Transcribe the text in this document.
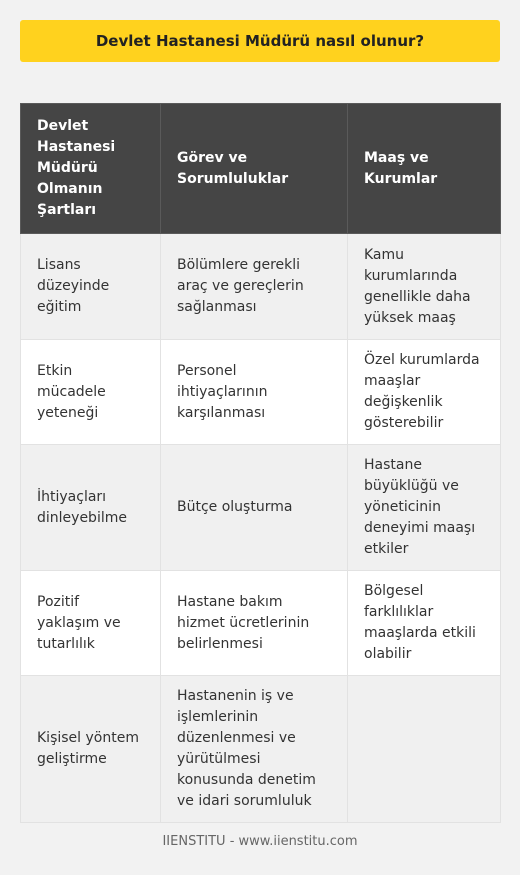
Devlet Hastanesi Müdürü nasıl olunur?
Devlet Hastanesi Müdürü Olmanın Şartları	Görev ve Sorumluluklar	Maaş ve Kurumlar
Lisans düzeyinde eğitim	Bölümlere gerekli araç ve gereçlerin sağlanması	Kamu kurumlarında genellikle daha yüksek maaş
Etkin mücadele yeteneği	Personel ihtiyaçlarının karşılanması	Özel kurumlarda maaşlar değişkenlik gösterebilir
İhtiyaçları dinleyebilme	Bütçe oluşturma	Hastane büyüklüğü ve yöneticinin deneyimi maaşı etkiler
Pozitif yaklaşım ve tutarlılık	Hastane bakım hizmet ücretlerinin belirlenmesi	Bölgesel farklılıklar maaşlarda etkili olabilir
Kişisel yöntem geliştirme	Hastanenin iş ve işlemlerinin düzenlenmesi ve yürütülmesi konusunda denetim ve idari sorumluluk	
IIENSTITU - www.iienstitu.com
